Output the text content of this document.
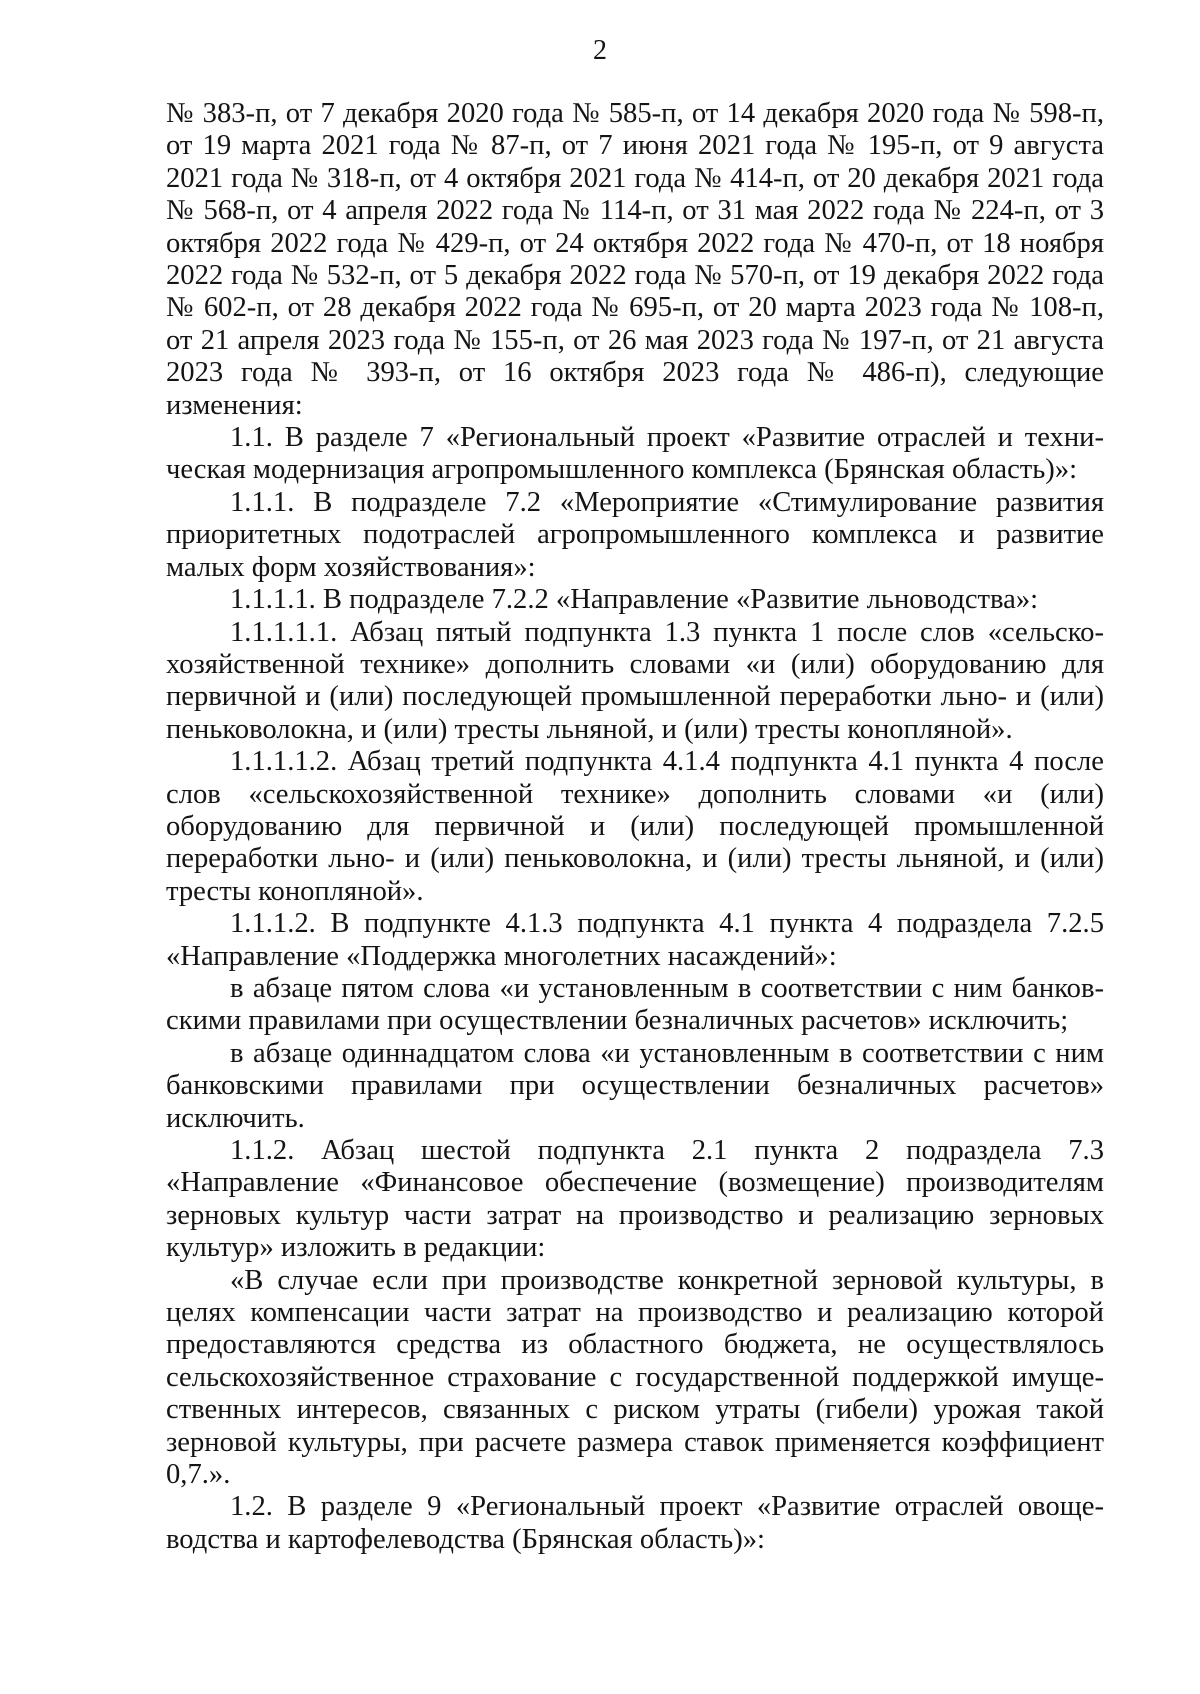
2

№ 383-п, от 7 декабря 2020 года № 585-п, от 14 декабря 2020 года № 598-п, от 19 марта 2021 года № 87-п, от 7 июня 2021 года № 195-п, от 9 августа 2021 года № 318-п, от 4 октября 2021 года № 414-п, от 20 декабря 2021 года № 568-п, от 4 апреля 2022 года № 114-п, от 31 мая 2022 года № 224-п, от 3 октября 2022 года № 429-п, от 24 октября 2022 года № 470-п, от 18 ноября 2022 года № 532-п, от 5 декабря 2022 года № 570-п, от 19 декабря 2022 года № 602-п, от 28 декабря 2022 года № 695-п, от 20 марта 2023 года № 108-п, от 21 апреля 2023 года № 155-п, от 26 мая 2023 года № 197-п, от 21 августа 2023 года № 393-п, от 16 октября 2023 года № 486-п), следующие изменения:

1.1. В разделе 7 «Региональный проект «Развитие отраслей и техническая модернизация агропромышленного комплекса (Брянская область)»:

1.1.1. В подразделе 7.2 «Мероприятие «Стимулирование развития приоритетных подотраслей агропромышленного комплекса и развитие малых форм хозяйствования»:

1.1.1.1. В подразделе 7.2.2 «Направление «Развитие льноводства»:

1.1.1.1.1. Абзац пятый подпункта 1.3 пункта 1 после слов «сельскохозяйственной технике» дополнить словами «и (или) оборудованию для первичной и (или) последующей промышленной переработки льно- и (или) пеньковолокна, и (или) тресты льняной, и (или) тресты конопляной».

1.1.1.1.2. Абзац третий подпункта 4.1.4 подпункта 4.1 пункта 4 после слов «сельскохозяйственной технике» дополнить словами «и (или) оборудованию для первичной и (или) последующей промышленной переработки льно- и (или) пеньковолокна, и (или) тресты льняной, и (или) тресты конопляной».

1.1.1.2. В подпункте 4.1.3 подпункта 4.1 пункта 4 подраздела 7.2.5 «Направление «Поддержка многолетних насаждений»:

в абзаце пятом слова «и установленным в соответствии с ним банковскими правилами при осуществлении безналичных расчетов» исключить;

в абзаце одиннадцатом слова «и установленным в соответствии с ним банковскими правилами при осуществлении безналичных расчетов» исключить.

1.1.2. Абзац шестой подпункта 2.1 пункта 2 подраздела 7.3 «Направление «Финансовое обеспечение (возмещение) производителям зерновых культур части затрат на производство и реализацию зерновых культур» изложить в редакции:

«В случае если при производстве конкретной зерновой культуры, в целях компенсации части затрат на производство и реализацию которой предоставляются средства из областного бюджета, не осуществлялось сельскохозяйственное страхование с государственной поддержкой имущественных интересов, связанных с риском утраты (гибели) урожая такой зерновой культуры, при расчете размера ставок применяется коэффициент 0,7.».

1.2. В разделе 9 «Региональный проект «Развитие отраслей овощеводства и картофелеводства (Брянская область)»:
